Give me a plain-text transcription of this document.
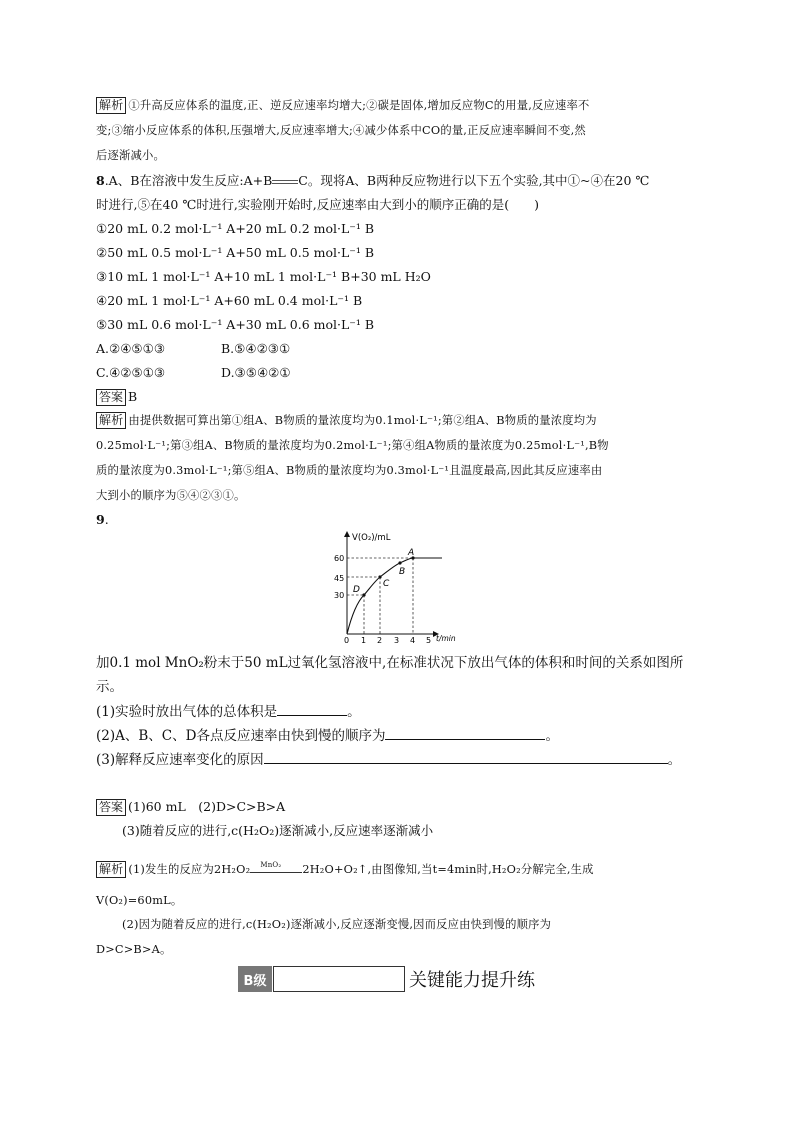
解析 ①升高反应体系的温度,正、逆反应速率均增大;②碳是固体,增加反应物C的用量,反应速率不
变;③缩小反应体系的体积,压强增大,反应速率增大;④减少体系中CO的量,正反应速率瞬间不变,然
后逐渐减小。
8.A、B在溶液中发生反应:A+B C。现将A、B两种反应物进行以下五个实验,其中①~④在20 ℃
时进行,⑤在40 ℃时进行,实验刚开始时,反应速率由大到小的顺序正确的是(　　)
①20 mL 0.2 mol·L⁻¹ A+20 mL 0.2 mol·L⁻¹ B
②50 mL 0.5 mol·L⁻¹ A+50 mL 0.5 mol·L⁻¹ B
③10 mL 1 mol·L⁻¹ A+10 mL 1 mol·L⁻¹ B+30 mL H₂O
④20 mL 1 mol·L⁻¹ A+60 mL 0.4 mol·L⁻¹ B
⑤30 mL 0.6 mol·L⁻¹ A+30 mL 0.6 mol·L⁻¹ B
A.②④⑤①③	B.⑤④②③①
C.④②⑤①③	D.③⑤④②①
答案 B
解析 由提供数据可算出第①组A、B物质的量浓度均为0.1mol·L⁻¹;第②组A、B物质的量浓度均为
0.25mol·L⁻¹;第③组A、B物质的量浓度均为0.2mol·L⁻¹;第④组A物质的量浓度为0.25mol·L⁻¹,B物
质的量浓度为0.3mol·L⁻¹;第⑤组A、B物质的量浓度均为0.3mol·L⁻¹且温度最高,因此其反应速率由
大到小的顺序为⑤④②③①。
9.
V(O₂)/mL
t/min
60
45
30
0 1 2 3 4 5
A
B
C
D
加0.1 mol MnO₂粉末于50 mL过氧化氢溶液中,在标准状况下放出气体的体积和时间的关系如图所
示。
(1)实验时放出气体的总体积是	。
(2)A、B、C、D各点反应速率由快到慢的顺序为	。
(3)解释反应速率变化的原因	。
答案 (1)60 mL　(2)D>C>B>A
(3)随着反应的进行,c(H₂O₂)逐渐减小,反应速率逐渐减小
解析 (1)发生的反应为2H₂O₂ MnO₂ 2H₂O+O₂↑,由图像知,当t=4min时,H₂O₂分解完全,生成
V(O₂)=60mL。
(2)因为随着反应的进行,c(H₂O₂)逐渐减小,反应逐渐变慢,因而反应由快到慢的顺序为
D>C>B>A。
B级	关键能力提升练
